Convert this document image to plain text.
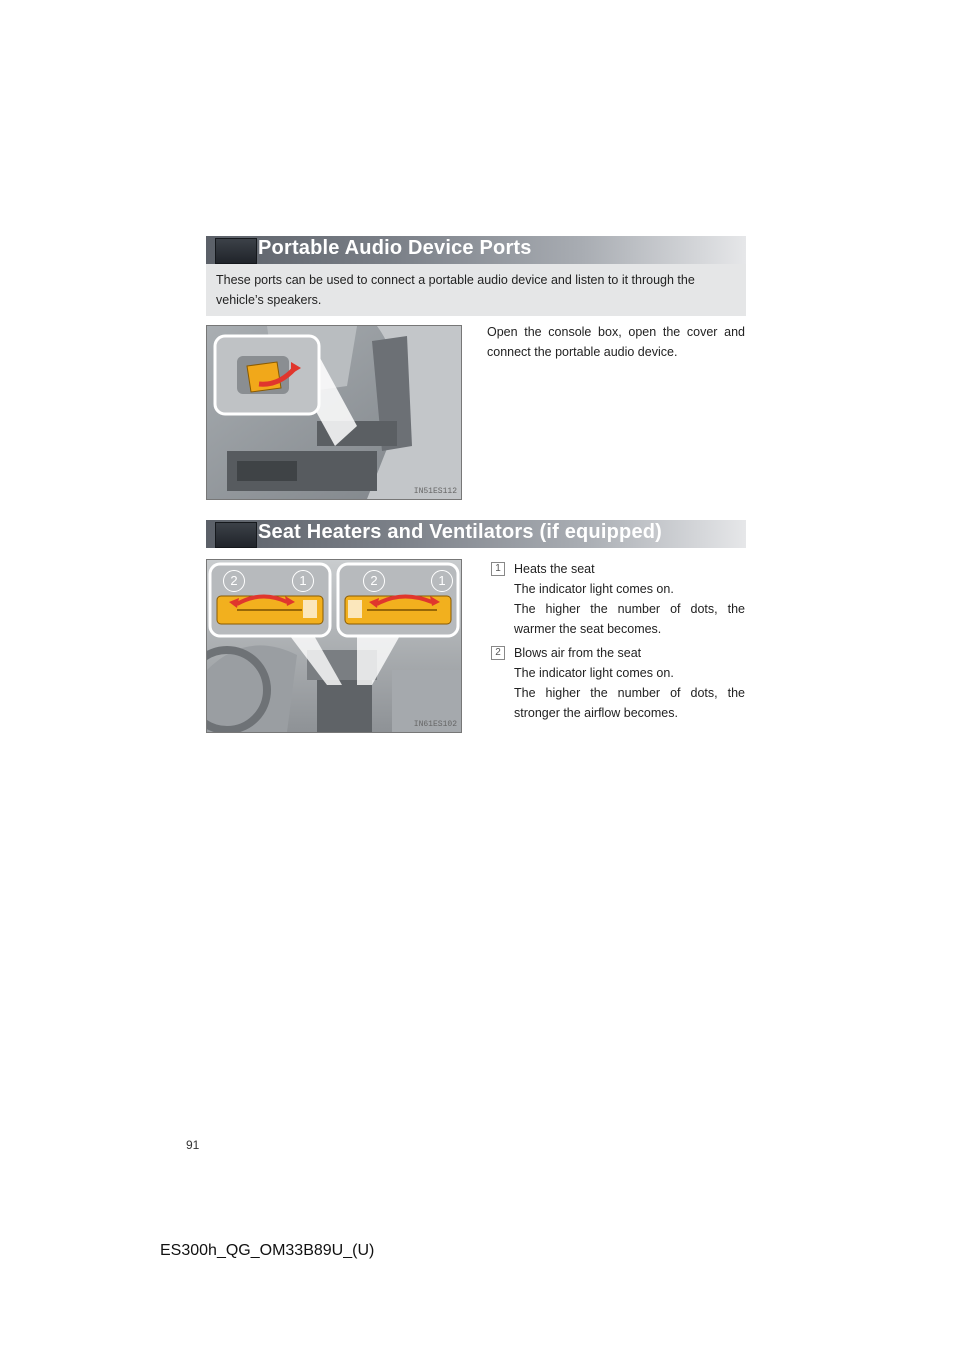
Portable Audio Device Ports
These ports can be used to connect a portable audio device and listen to it through the vehicle’s speakers.
IN51ES112
Open the console box, open the cover and connect the portable audio device.
Seat Heaters and Ventilators (if equipped)
2	1	2	1
IN61ES102
1	Heats the seat
The indicator light comes on.
The higher the number of dots, the warmer the seat becomes.
2	Blows air from the seat
The indicator light comes on.
The higher the number of dots, the stronger the airflow becomes.
91
ES300h_QG_OM33B89U_(U)
